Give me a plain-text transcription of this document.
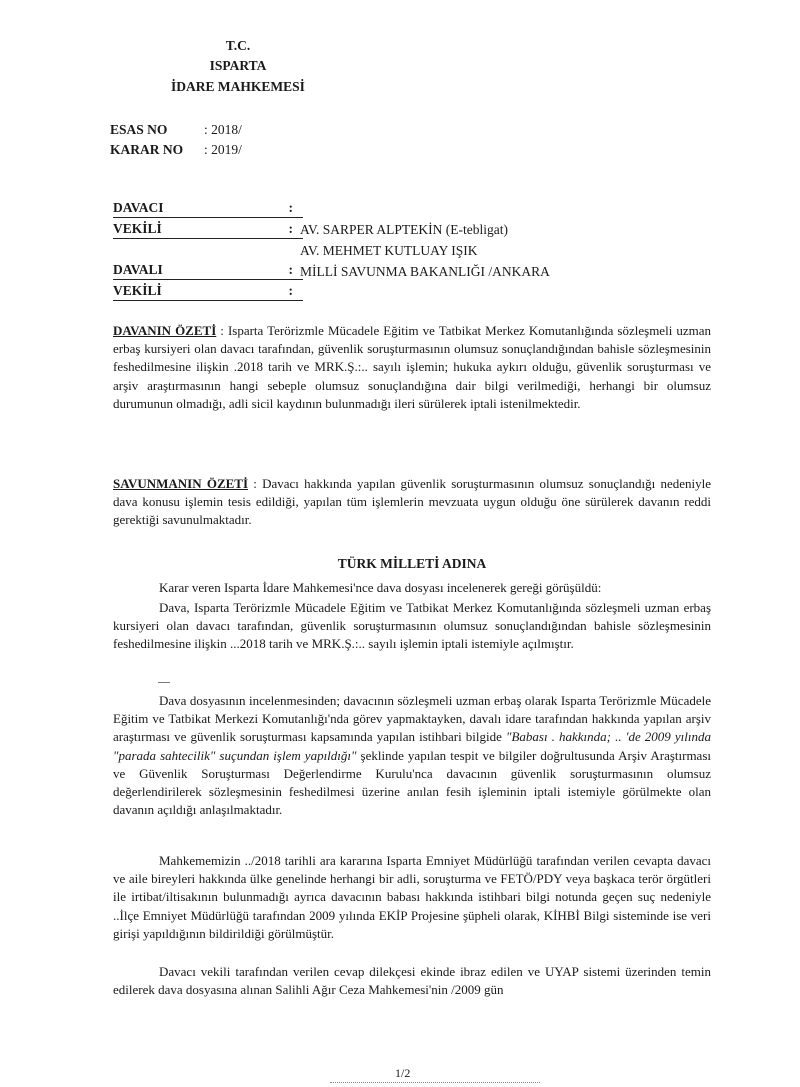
T.C.
ISPARTA
İDARE MAHKEMESİ
ESAS NO	: 2018/
KARAR NO : 2019/
DAVACI	:
VEKİLİ	: AV. SARPER ALPTEKİN (E-tebligat)
AV. MEHMET KUTLUAY IŞIK
DAVALI	: MİLLİ SAVUNMA BAKANLIĞI /ANKARA
VEKİLİ	:
DAVANIN ÖZETİ : Isparta Terörizmle Mücadele Eğitim ve Tatbikat Merkez Komutanlığında sözleşmeli uzman erbaş kursiyeri olan davacı tarafından, güvenlik soruşturmasının olumsuz sonuçlandığından bahisle sözleşmesinin feshedilmesine ilişkin .2018 tarih ve MRK.Ş.:.. sayılı işlemin; hukuka aykırı olduğu, güvenlik soruşturması ve arşiv araştırmasının hangi sebeple olumsuz sonuçlandığına dair bilgi verilmediği, herhangi bir olumsuz durumunun olmadığı, adli sicil kaydının bulunmadığı ileri sürülerek iptali istenilmektedir.
SAVUNMANIN ÖZETİ : Davacı hakkında yapılan güvenlik soruşturmasının olumsuz sonuçlandığı nedeniyle dava konusu işlemin tesis edildiği, yapılan tüm işlemlerin mevzuata uygun olduğu öne sürülerek davanın reddi gerektiği savunulmaktadır.
TÜRK MİLLETİ ADINA
Karar veren Isparta İdare Mahkemesi'nce dava dosyası incelenerek gereği görüşüldü:
Dava, Isparta Terörizmle Mücadele Eğitim ve Tatbikat Merkez Komutanlığında sözleşmeli uzman erbaş kursiyeri olan davacı tarafından, güvenlik soruşturmasının olumsuz sonuçlandığından bahisle sözleşmesinin feshedilmesine ilişkin ...2018 tarih ve MRK.Ş.:.. sayılı işlemin iptali istemiyle açılmıştır.
—
Dava dosyasının incelenmesinden; davacının sözleşmeli uzman erbaş olarak Isparta Terörizmle Mücadele Eğitim ve Tatbikat Merkezi Komutanlığı'nda görev yapmaktayken, davalı idare tarafından hakkında yapılan arşiv araştırması ve güvenlik soruşturması kapsamında yapılan istihbari bilgide "Babası . hakkında; .. 'de 2009 yılında "parada sahtecilik" suçundan işlem yapıldığı" şeklinde yapılan tespit ve bilgiler doğrultusunda Arşiv Araştırması ve Güvenlik Soruşturması Değerlendirme Kurulu'nca davacının güvenlik soruşturmasının olumsuz değerlendirilerek sözleşmesinin feshedilmesi üzerine anılan fesih işleminin iptali istemiyle görülmekte olan davanın açıldığı anlaşılmaktadır.
Mahkememizin ../2018 tarihli ara kararına Isparta Emniyet Müdürlüğü tarafından verilen cevapta davacı ve aile bireyleri hakkında ülke genelinde herhangi bir adli, soruşturma ve FETÖ/PDY veya başkaca terör örgütleri ile irtibat/iltisakının bulunmadığı ayrıca davacının babası hakkında istihbari bilgi notunda geçen suç nedeniyle ..İlçe Emniyet Müdürlüğü tarafından 2009 yılında EKİP Projesine şüpheli olarak, KİHBİ Bilgi sisteminde ise veri girişi yapıldığının bildirildiği görülmüştür.
Davacı vekili tarafından verilen cevap dilekçesi ekinde ibraz edilen ve UYAP sistemi üzerinden temin edilerek dava dosyasına alınan Salihli Ağır Ceza Mahkemesi'nin /2009 gün
1/2
